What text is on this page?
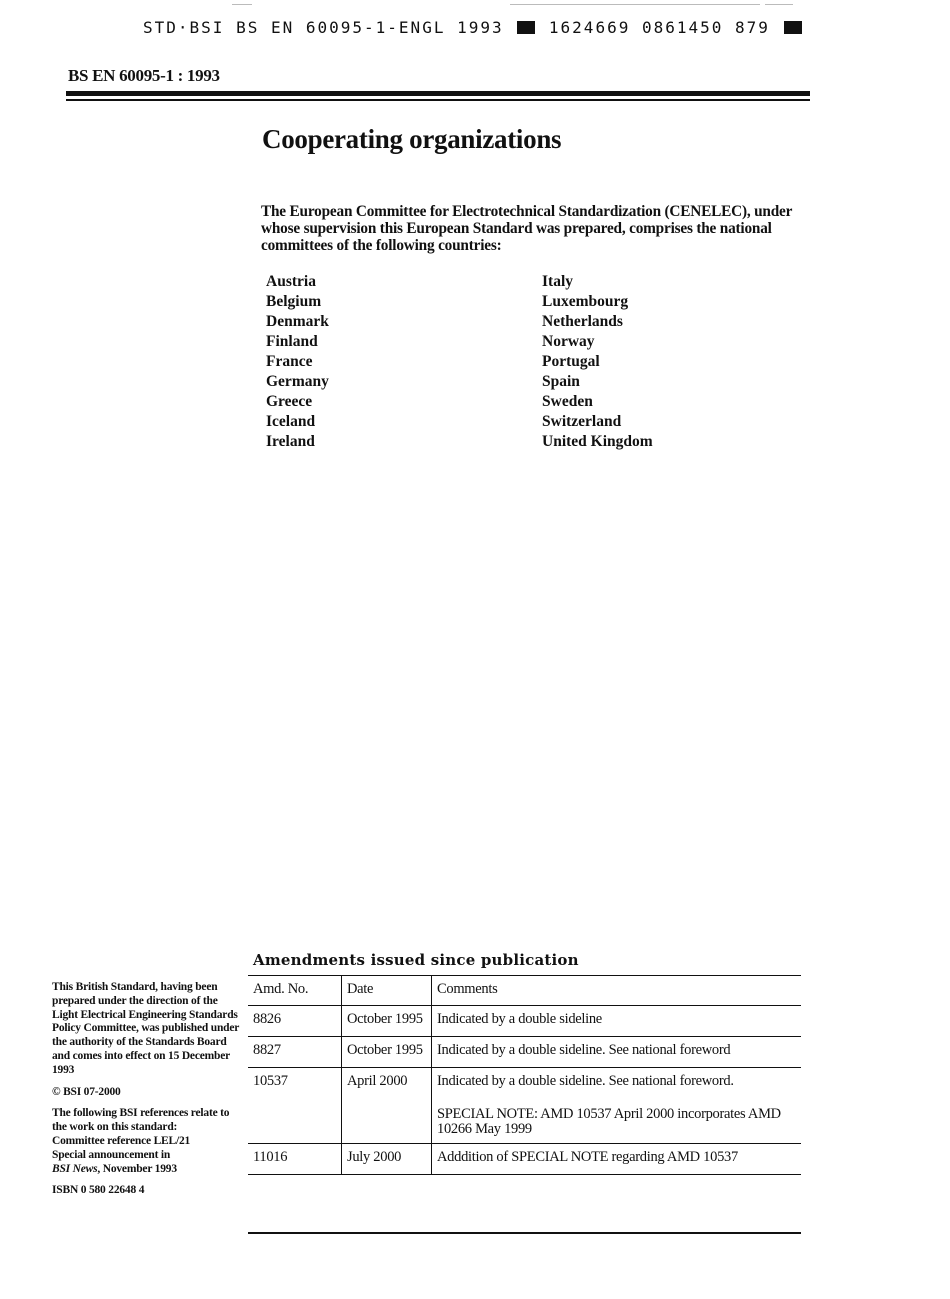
STD·BSI BS EN 60095-1-ENGL 1993	1624669 0861450 879
BS EN 60095-1 : 1993
Cooperating organizations

The European Committee for Electrotechnical Standardization (CENELEC), under whose supervision this European Standard was prepared, comprises the national committees of the following countries:

Austria
Belgium
Denmark
Finland
France
Germany
Greece
Iceland
Ireland
Italy
Luxembourg
Netherlands
Norway
Portugal
Spain
Sweden
Switzerland
United Kingdom

This British Standard, having been prepared under the direction of the Light Electrical Engineering Standards Policy Committee, was published under the authority of the Standards Board and comes into effect on 15 December 1993

© BSI 07-2000

The following BSI references relate to the work on this standard:

Committee reference LEL/21

Special announcement in
BSI News, November 1993

ISBN 0 580 22648 4

Amendments issued since publication
Amd. No.	Date	Comments
8826	October 1995	Indicated by a double sideline
8827	October 1995	Indicated by a double sideline. See national foreword
10537	April 2000	Indicated by a double sideline. See national foreword.
SPECIAL NOTE: AMD 10537 April 2000 incorporates AMD 10266 May 1999

11016	July 2000	Adddition of SPECIAL NOTE regarding AMD 10537
